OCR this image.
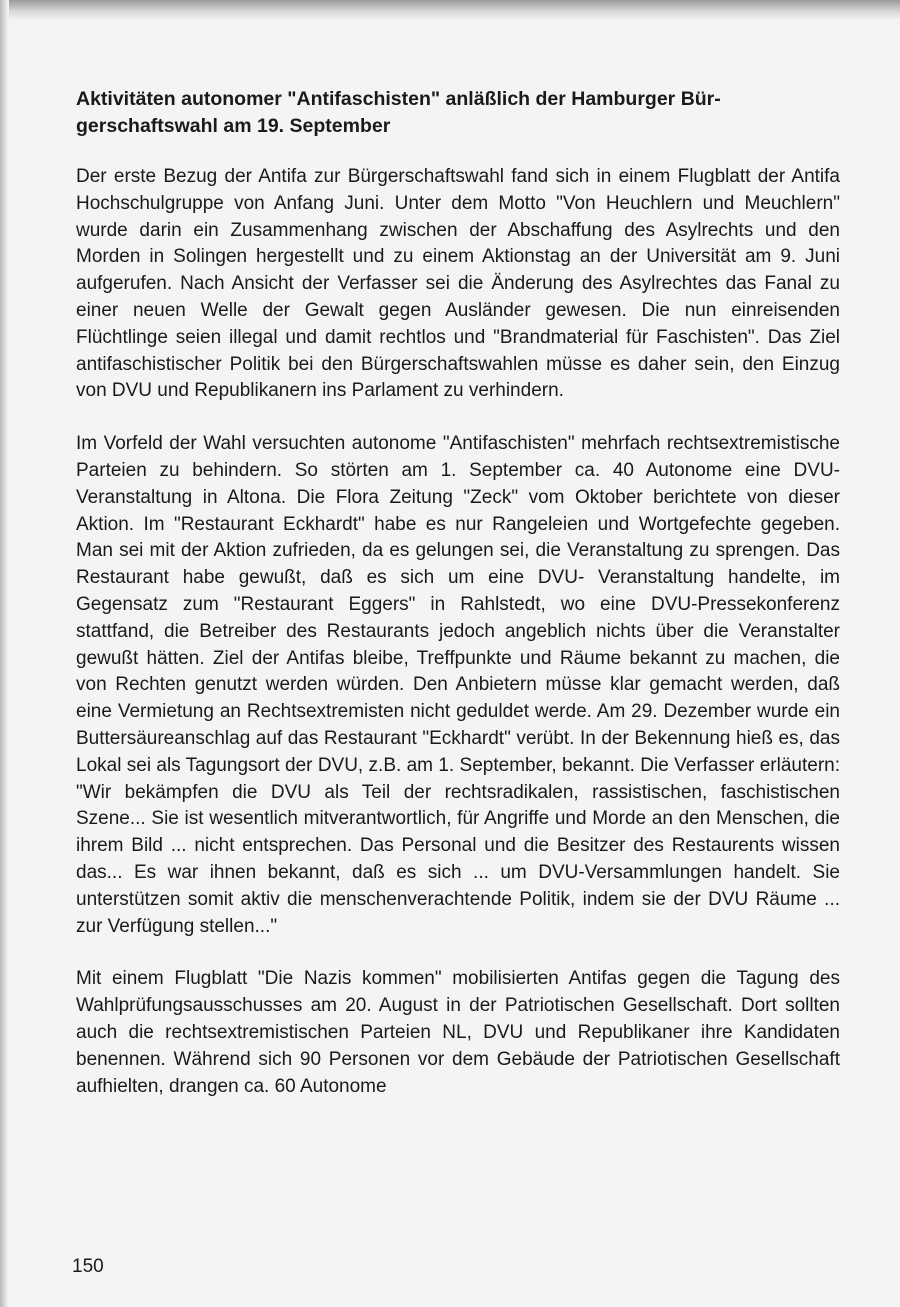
Aktivitäten autonomer "Antifaschisten" anläßlich der Hamburger Bürgerschaftswahl am 19. September

Der erste Bezug der Antifa zur Bürgerschaftswahl fand sich in einem Flugblatt der Antifa Hochschulgruppe von Anfang Juni. Unter dem Motto "Von Heuchlern und Meuchlern" wurde darin ein Zusammenhang zwischen der Abschaffung des Asylrechts und den Morden in Solingen hergestellt und zu einem Aktionstag an der Universität am 9. Juni aufgerufen. Nach Ansicht der Verfasser sei die Änderung des Asylrechtes das Fanal zu einer neuen Welle der Gewalt gegen Ausländer gewesen. Die nun einreisenden Flüchtlinge seien illegal und damit rechtlos und "Brandmaterial für Faschisten". Das Ziel antifaschistischer Politik bei den Bürgerschaftswahlen müsse es daher sein, den Einzug von DVU und Republikanern ins Parlament zu verhindern.

Im Vorfeld der Wahl versuchten autonome "Antifaschisten" mehrfach rechtsextremistische Parteien zu behindern. So störten am 1. September ca. 40 Autonome eine DVU-Veranstaltung in Altona. Die Flora Zeitung "Zeck" vom Oktober berichtete von dieser Aktion. Im "Restaurant Eckhardt" habe es nur Rangeleien und Wortgefechte gegeben. Man sei mit der Aktion zufrieden, da es gelungen sei, die Veranstaltung zu sprengen. Das Restaurant habe gewußt, daß es sich um eine DVU- Veranstaltung handelte, im Gegensatz zum "Restaurant Eggers" in Rahlstedt, wo eine DVU-Pressekonferenz stattfand, die Betreiber des Restaurants jedoch angeblich nichts über die Veranstalter gewußt hätten. Ziel der Antifas bleibe, Treffpunkte und Räume bekannt zu machen, die von Rechten genutzt werden würden. Den Anbietern müsse klar gemacht werden, daß eine Vermietung an Rechtsextremisten nicht geduldet werde. Am 29. Dezember wurde ein Buttersäureanschlag auf das Restaurant "Eckhardt" verübt. In der Bekennung hieß es, das Lokal sei als Tagungsort der DVU, z.B. am 1. September, bekannt. Die Verfasser erläutern: "Wir bekämpfen die DVU als Teil der rechtsradikalen, rassistischen, faschistischen Szene... Sie ist wesentlich mitverantwortlich, für Angriffe und Morde an den Menschen, die ihrem Bild ... nicht entsprechen. Das Personal und die Besitzer des Restaurents wissen das... Es war ihnen bekannt, daß es sich ... um DVU-Versammlungen handelt. Sie unterstützen somit aktiv die menschenverachtende Politik, indem sie der DVU Räume ... zur Verfügung stellen..."

Mit einem Flugblatt "Die Nazis kommen" mobilisierten Antifas gegen die Tagung des Wahlprüfungsausschusses am 20. August in der Patriotischen Gesellschaft. Dort sollten auch die rechtsextremistischen Parteien NL, DVU und Republikaner ihre Kandidaten benennen. Während sich 90 Personen vor dem Gebäude der Patriotischen Gesellschaft aufhielten, drangen ca. 60 Autonome

150
